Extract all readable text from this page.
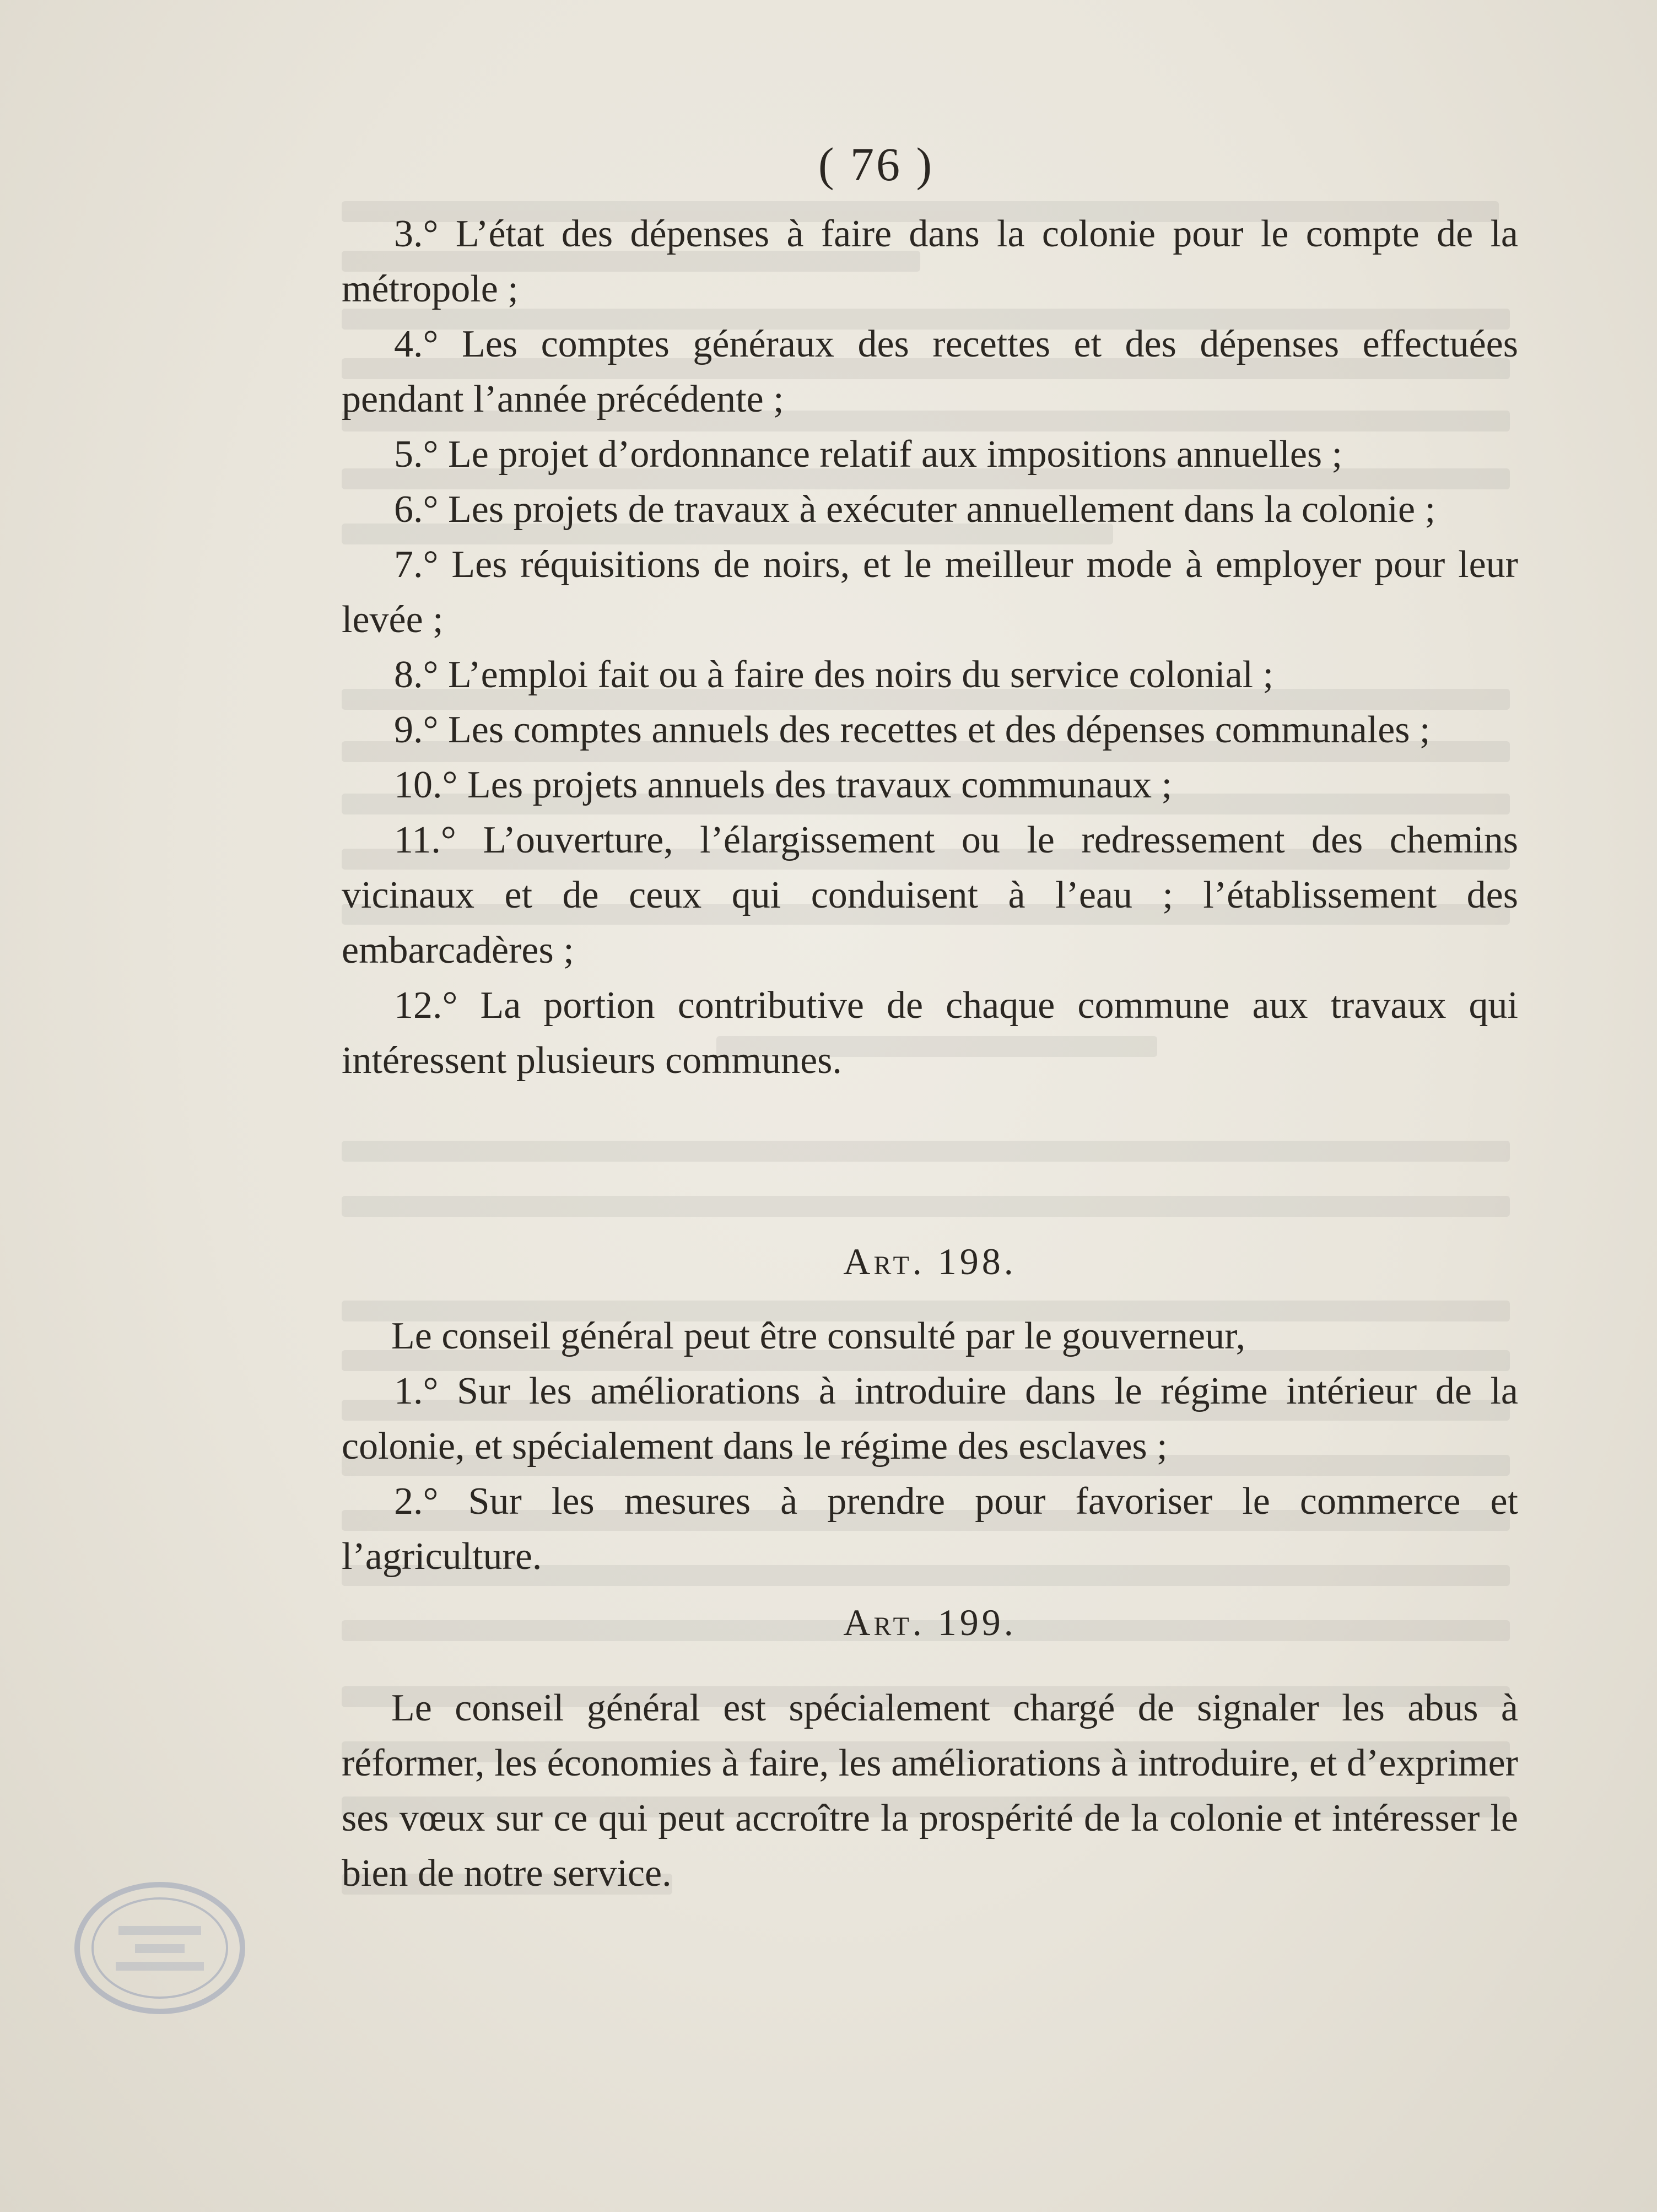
( 76 )

3.° L’état des dépenses à faire dans la colonie pour le compte de la métropole ;

4.° Les comptes généraux des recettes et des dépenses effectuées pendant l’année précédente ;

5.° Le projet d’ordonnance relatif aux impositions annuelles ;

6.° Les projets de travaux à exécuter annuellement dans la colonie ;

7.° Les réquisitions de noirs, et le meilleur mode à employer pour leur levée ;

8.° L’emploi fait ou à faire des noirs du service colonial ;

9.° Les comptes annuels des recettes et des dépenses communales ;

10.° Les projets annuels des travaux communaux ;

11.° L’ouverture, l’élargissement ou le redressement des chemins vicinaux et de ceux qui conduisent à l’eau ; l’établissement des embarcadères ;

12.° La portion contributive de chaque commune aux travaux qui intéressent plusieurs communes.

Art. 198.

Le conseil général peut être consulté par le gouverneur,

1.° Sur les améliorations à introduire dans le régime intérieur de la colonie, et spécialement dans le régime des esclaves ;

2.° Sur les mesures à prendre pour favoriser le commerce et l’agriculture.

Art. 199.

Le conseil général est spécialement chargé de signaler les abus à réformer, les économies à faire, les améliorations à introduire, et d’exprimer ses vœux sur ce qui peut accroître la prospérité de la colonie et intéresser le bien de notre service.
